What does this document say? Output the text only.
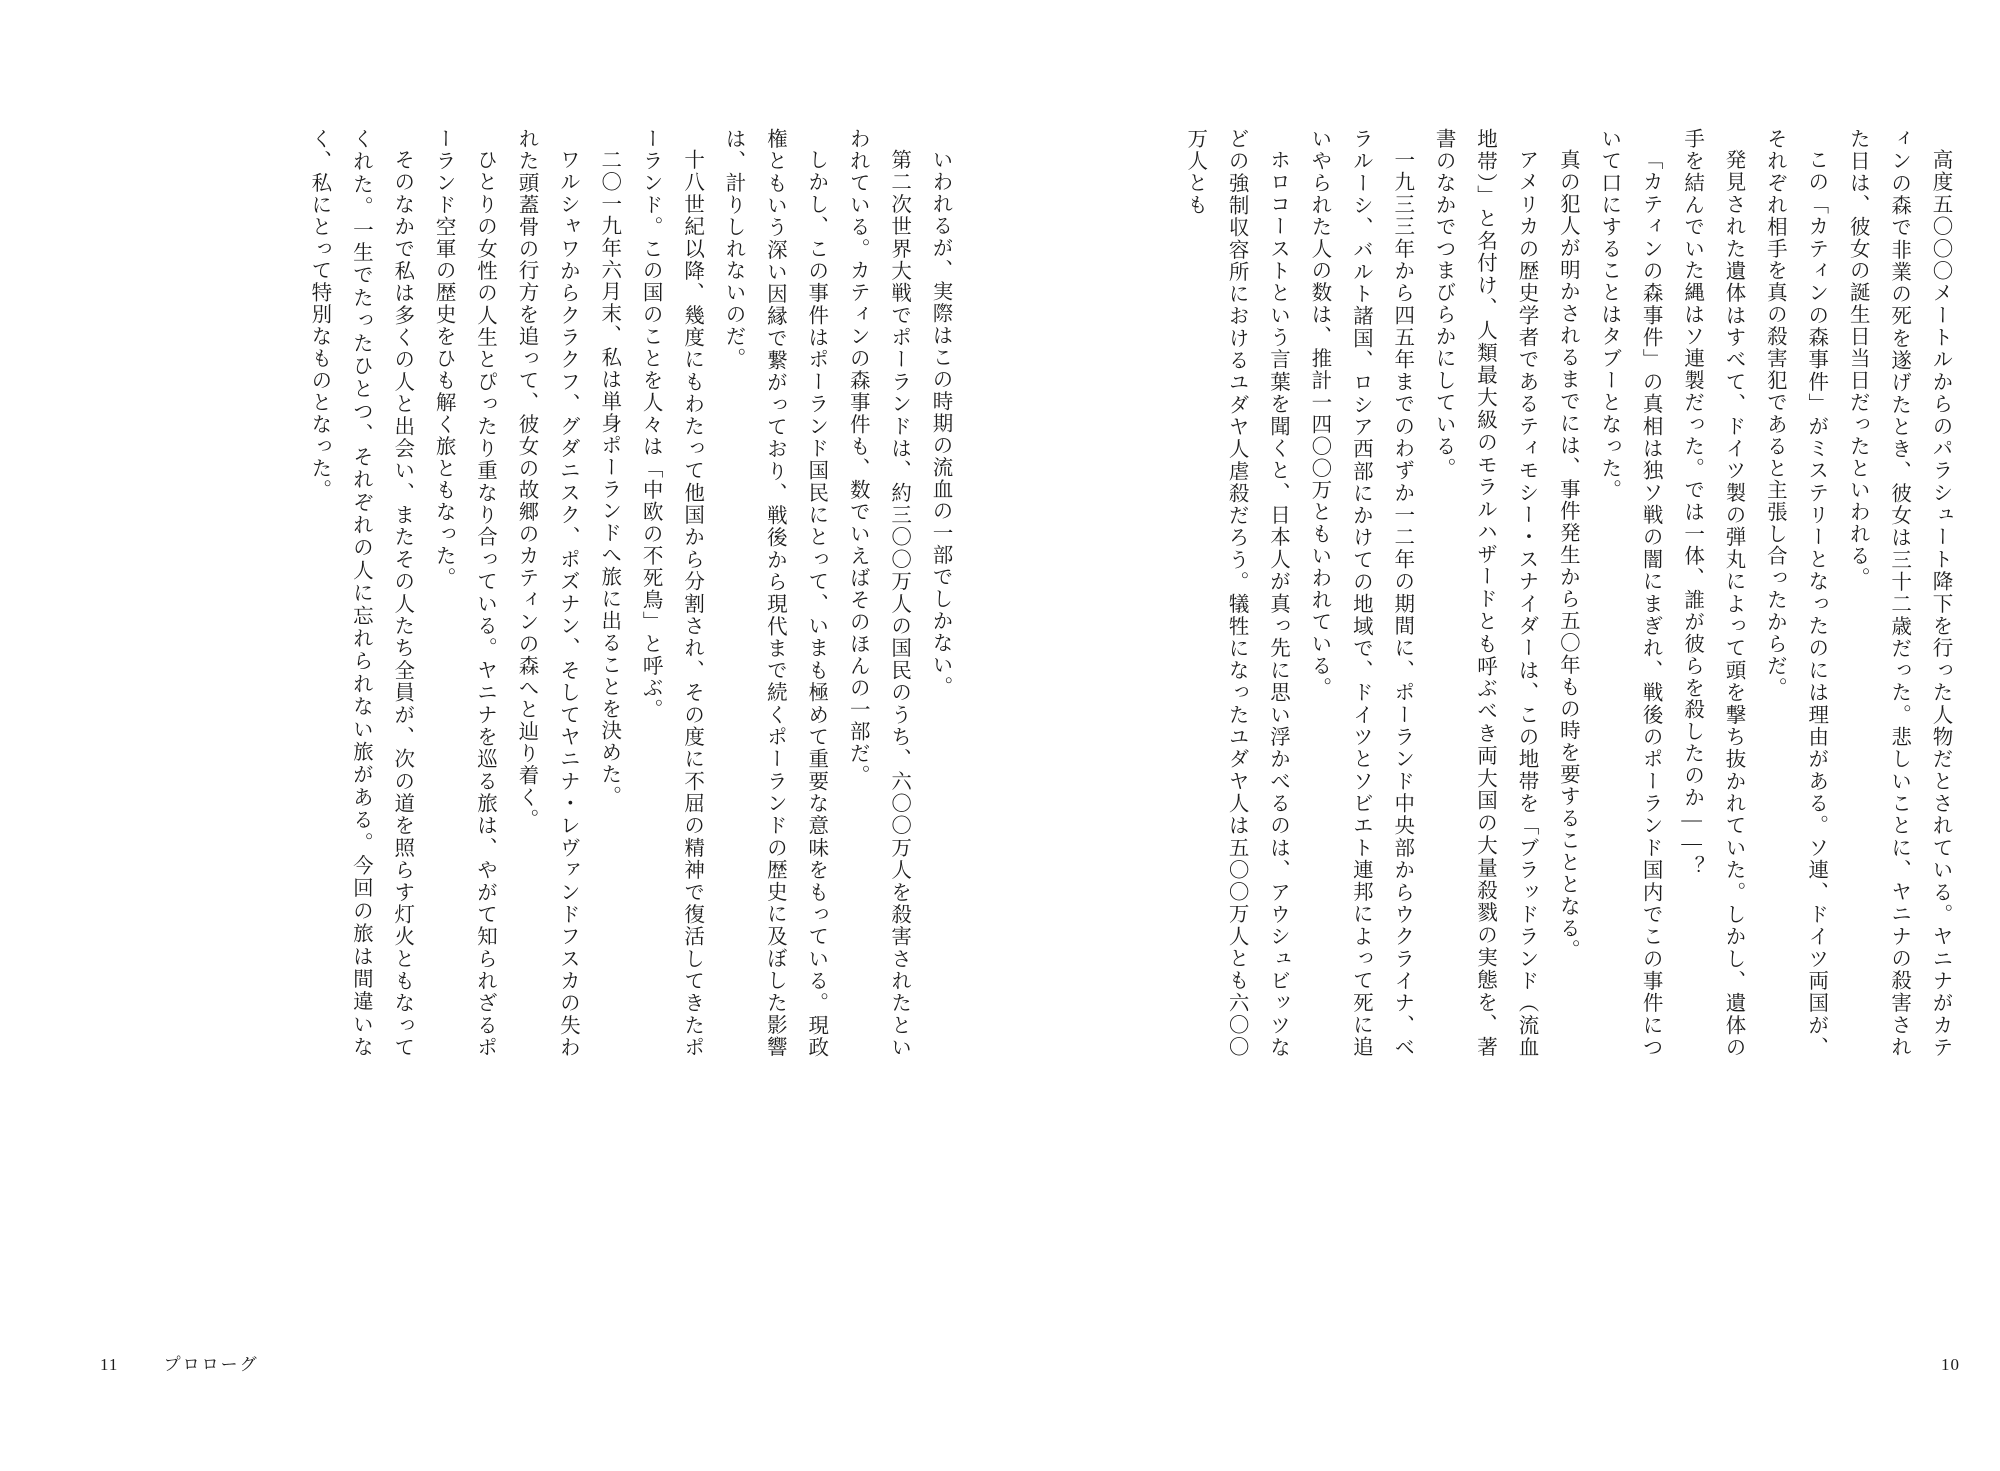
高度五〇〇〇メートルからのパラシュート降下を行った人物だとされている。ヤニナがカティンの森で非業の死を遂げたとき、彼女は三十二歳だった。悲しいことに、ヤニナの殺害された日は、彼女の誕生日当日だったといわれる。

この「カティンの森事件」がミステリーとなったのには理由がある。ソ連、ドイツ両国が、それぞれ相手を真の殺害犯であると主張し合ったからだ。

発見された遺体はすべて、ドイツ製の弾丸によって頭を撃ち抜かれていた。しかし、遺体の手を結んでいた縄はソ連製だった。では一体、誰が彼らを殺したのか——？

「カティンの森事件」の真相は独ソ戦の闇にまぎれ、戦後のポーランド国内でこの事件について口にすることはタブーとなった。

真の犯人が明かされるまでには、事件発生から五〇年もの時を要することとなる。

アメリカの歴史学者であるティモシー・スナイダーは、この地帯を「ブラッドランド（流血地帯）」と名付け、人類最大級のモラルハザードとも呼ぶべき両大国の大量殺戮の実態を、著書のなかでつまびらかにしている。

一九三三年から四五年までのわずか一二年の期間に、ポーランド中央部からウクライナ、ベラルーシ、バルト諸国、ロシア西部にかけての地域で、ドイツとソビエト連邦によって死に追いやられた人の数は、推計一四〇〇万ともいわれている。

ホロコーストという言葉を聞くと、日本人が真っ先に思い浮かべるのは、アウシュビッツなどの強制収容所におけるユダヤ人虐殺だろう。犠牲になったユダヤ人は五〇〇万人とも六〇〇万人とも

10

いわれるが、実際はこの時期の流血の一部でしかない。

第二次世界大戦でポーランドは、約三〇〇万人の国民のうち、六〇〇万人を殺害されたといわれている。カティンの森事件も、数でいえばそのほんの一部だ。

しかし、この事件はポーランド国民にとって、いまも極めて重要な意味をもっている。現政権ともいう深い因縁で繋がっており、戦後から現代まで続くポーランドの歴史に及ぼした影響は、計りしれないのだ。

十八世紀以降、幾度にもわたって他国から分割され、その度に不屈の精神で復活してきたポーランド。この国のことを人々は「中欧の不死鳥」と呼ぶ。

二〇一九年六月末、私は単身ポーランドへ旅に出ることを決めた。

ワルシャワからクラクフ、グダニスク、ポズナン、そしてヤニナ・レヴァンドフスカの失われた頭蓋骨の行方を追って、彼女の故郷のカティンの森へと辿り着く。

ひとりの女性の人生とぴったり重なり合っている。ヤニナを巡る旅は、やがて知られざるポーランド空軍の歴史をひも解く旅ともなった。

そのなかで私は多くの人と出会い、またその人たち全員が、次の道を照らす灯火ともなってくれた。一生でたったひとつ、それぞれの人に忘れられない旅がある。今回の旅は間違いなく、私にとって特別なものとなった。

11	プロローグ
